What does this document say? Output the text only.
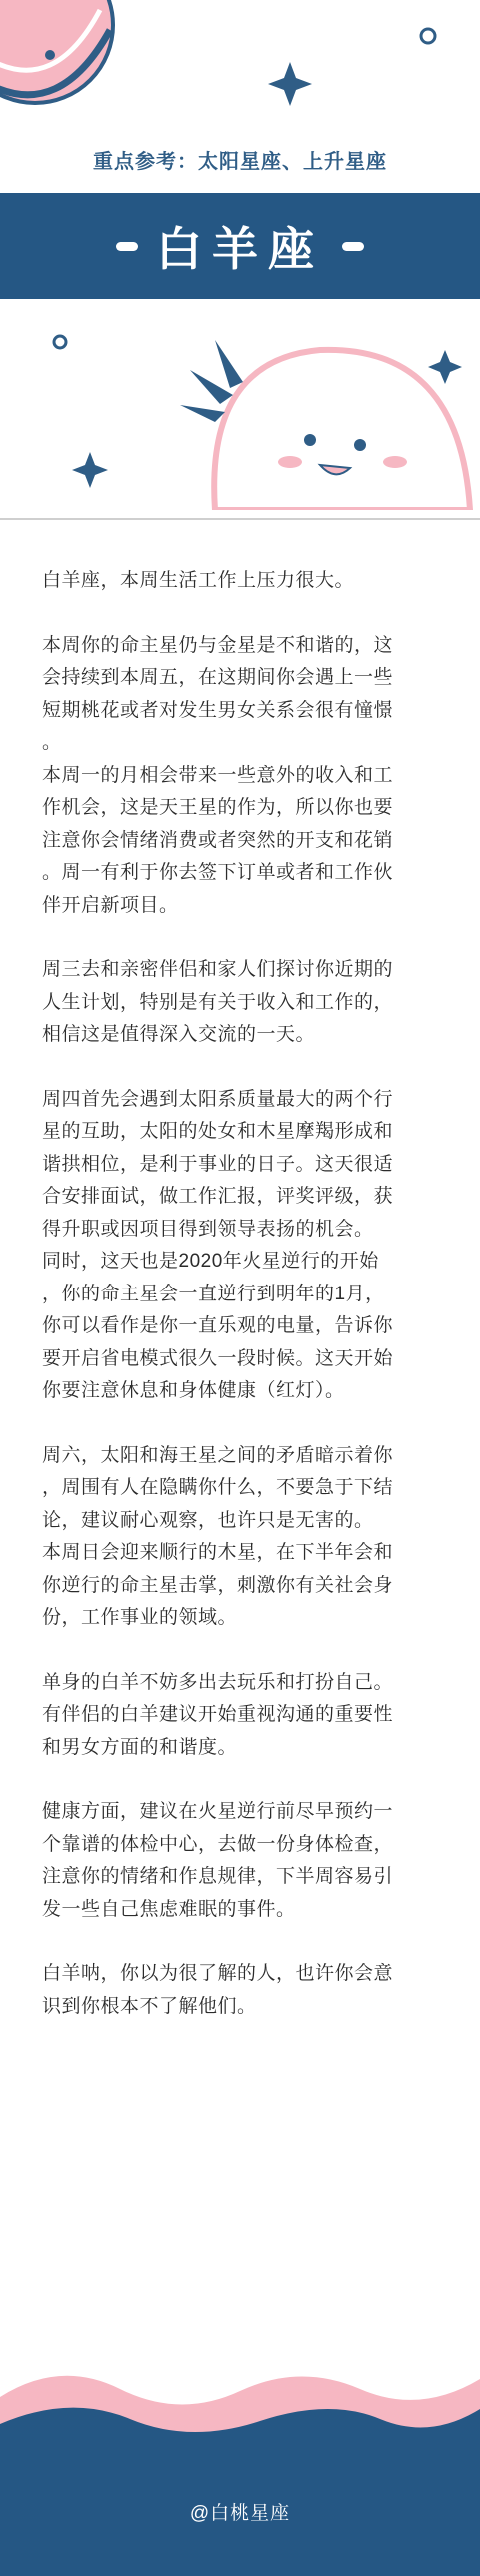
重点参考：太阳星座、上升星座
白羊座

白羊座，本周生活工作上压力很大。

本周你的命主星仍与金星是不和谐的，这
会持续到本周五，在这期间你会遇上一些
短期桃花或者对发生男女关系会很有憧憬
。

本周一的月相会带来一些意外的收入和工
作机会，这是天王星的作为，所以你也要
注意你会情绪消费或者突然的开支和花销
。周一有利于你去签下订单或者和工作伙
伴开启新项目。

周三去和亲密伴侣和家人们探讨你近期的
人生计划，特别是有关于收入和工作的，
相信这是值得深入交流的一天。

周四首先会遇到太阳系质量最大的两个行
星的互助，太阳的处女和木星摩羯形成和
谐拱相位，是利于事业的日子。这天很适
合安排面试，做工作汇报，评奖评级，获
得升职或因项目得到领导表扬的机会。

同时，这天也是2020年火星逆行的开始
，你的命主星会一直逆行到明年的1月，
你可以看作是你一直乐观的电量，告诉你
要开启省电模式很久一段时候。这天开始
你要注意休息和身体健康（红灯）。

周六，太阳和海王星之间的矛盾暗示着你
，周围有人在隐瞒你什么，不要急于下结
论，建议耐心观察，也许只是无害的。

本周日会迎来顺行的木星，在下半年会和
你逆行的命主星击掌，刺激你有关社会身
份，工作事业的领域。

单身的白羊不妨多出去玩乐和打扮自己。
有伴侣的白羊建议开始重视沟通的重要性
和男女方面的和谐度。

健康方面，建议在火星逆行前尽早预约一
个靠谱的体检中心，去做一份身体检查，
注意你的情绪和作息规律，下半周容易引
发一些自己焦虑难眠的事件。

白羊呐，你以为很了解的人，也许你会意
识到你根本不了解他们。

@白桃星座
